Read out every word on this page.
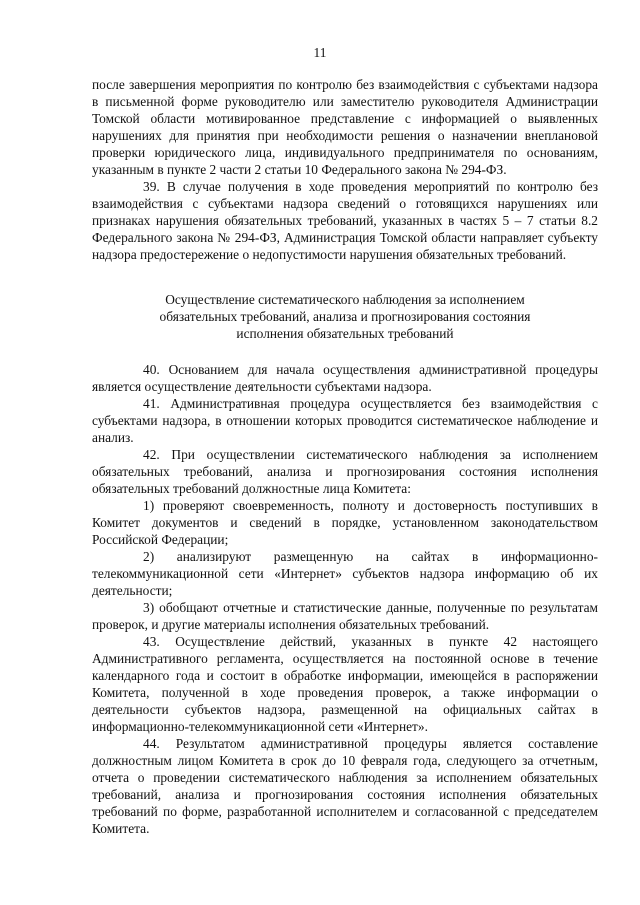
11

после завершения мероприятия по контролю без взаимодействия с субъектами надзора в письменной форме руководителю или заместителю руководителя Администрации Томской области мотивированное представление с информацией о выявленных нарушениях для принятия при необходимости решения о назначении внеплановой проверки юридического лица, индивидуального предпринимателя по основаниям, указанным в пункте 2 части 2 статьи 10 Федерального закона № 294-ФЗ.

39. В случае получения в ходе проведения мероприятий по контролю без взаимодействия с субъектами надзора сведений о готовящихся нарушениях или признаках нарушения обязательных требований, указанных в частях 5 – 7 статьи 8.2 Федерального закона № 294-ФЗ, Администрация Томской области направляет субъекту надзора предостережение о недопустимости нарушения обязательных требований.

Осуществление систематического наблюдения за исполнением
обязательных требований, анализа и прогнозирования состояния
исполнения обязательных требований

40. Основанием для начала осуществления административной процедуры является осуществление деятельности субъектами надзора.

41. Административная процедура осуществляется без взаимодействия с субъектами надзора, в отношении которых проводится систематическое наблюдение и анализ.

42. При осуществлении систематического наблюдения за исполнением обязательных требований, анализа и прогнозирования состояния исполнения обязательных требований должностные лица Комитета:

1) проверяют своевременность, полноту и достоверность поступивших в Комитет документов и сведений в порядке, установленном законодательством Российской Федерации;

2) анализируют размещенную на сайтах в информационно-телекоммуникационной сети «Интернет» субъектов надзора информацию об их деятельности;

3) обобщают отчетные и статистические данные, полученные по результатам проверок, и другие материалы исполнения обязательных требований.

43. Осуществление действий, указанных в пункте 42 настоящего Административного регламента, осуществляется на постоянной основе в течение календарного года и состоит в обработке информации, имеющейся в распоряжении Комитета, полученной в ходе проведения проверок, а также информации о деятельности субъектов надзора, размещенной на официальных сайтах в информационно-телекоммуникационной сети «Интернет».

44. Результатом административной процедуры является составление должностным лицом Комитета в срок до 10 февраля года, следующего за отчетным, отчета о проведении систематического наблюдения за исполнением обязательных требований, анализа и прогнозирования состояния исполнения обязательных требований по форме, разработанной исполнителем и согласованной с председателем Комитета.
